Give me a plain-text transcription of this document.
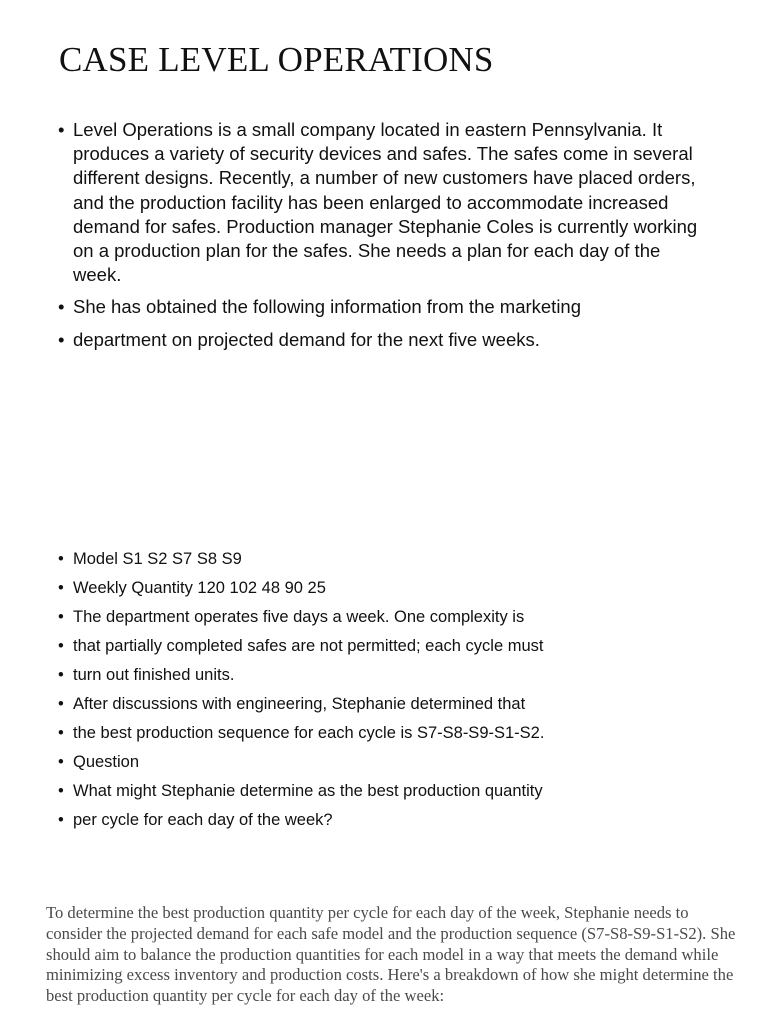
CASE LEVEL OPERATIONS
• Level Operations is a small company located in eastern Pennsylvania. It produces a variety of security devices and safes. The safes come in several different designs. Recently, a number of new customers have placed orders, and the production facility has been enlarged to accommodate increased demand for safes. Production manager Stephanie Coles is currently working on a production plan for the safes. She needs a plan for each day of the week.
• She has obtained the following information from the marketing
• department on projected demand for the next five weeks.
• Model S1 S2 S7 S8 S9
• Weekly Quantity 120 102 48 90 25
• The department operates five days a week. One complexity is
• that partially completed safes are not permitted; each cycle must
• turn out finished units.
• After discussions with engineering, Stephanie determined that
• the best production sequence for each cycle is S7-S8-S9-S1-S2.
• Question
• What might Stephanie determine as the best production quantity
• per cycle for each day of the week?

To determine the best production quantity per cycle for each day of the week, Stephanie needs to consider the projected demand for each safe model and the production sequence (S7-S8-S9-S1-S2). She should aim to balance the production quantities for each model in a way that meets the demand while minimizing excess inventory and production costs. Here's a breakdown of how she might determine the best production quantity per cycle for each day of the week:
